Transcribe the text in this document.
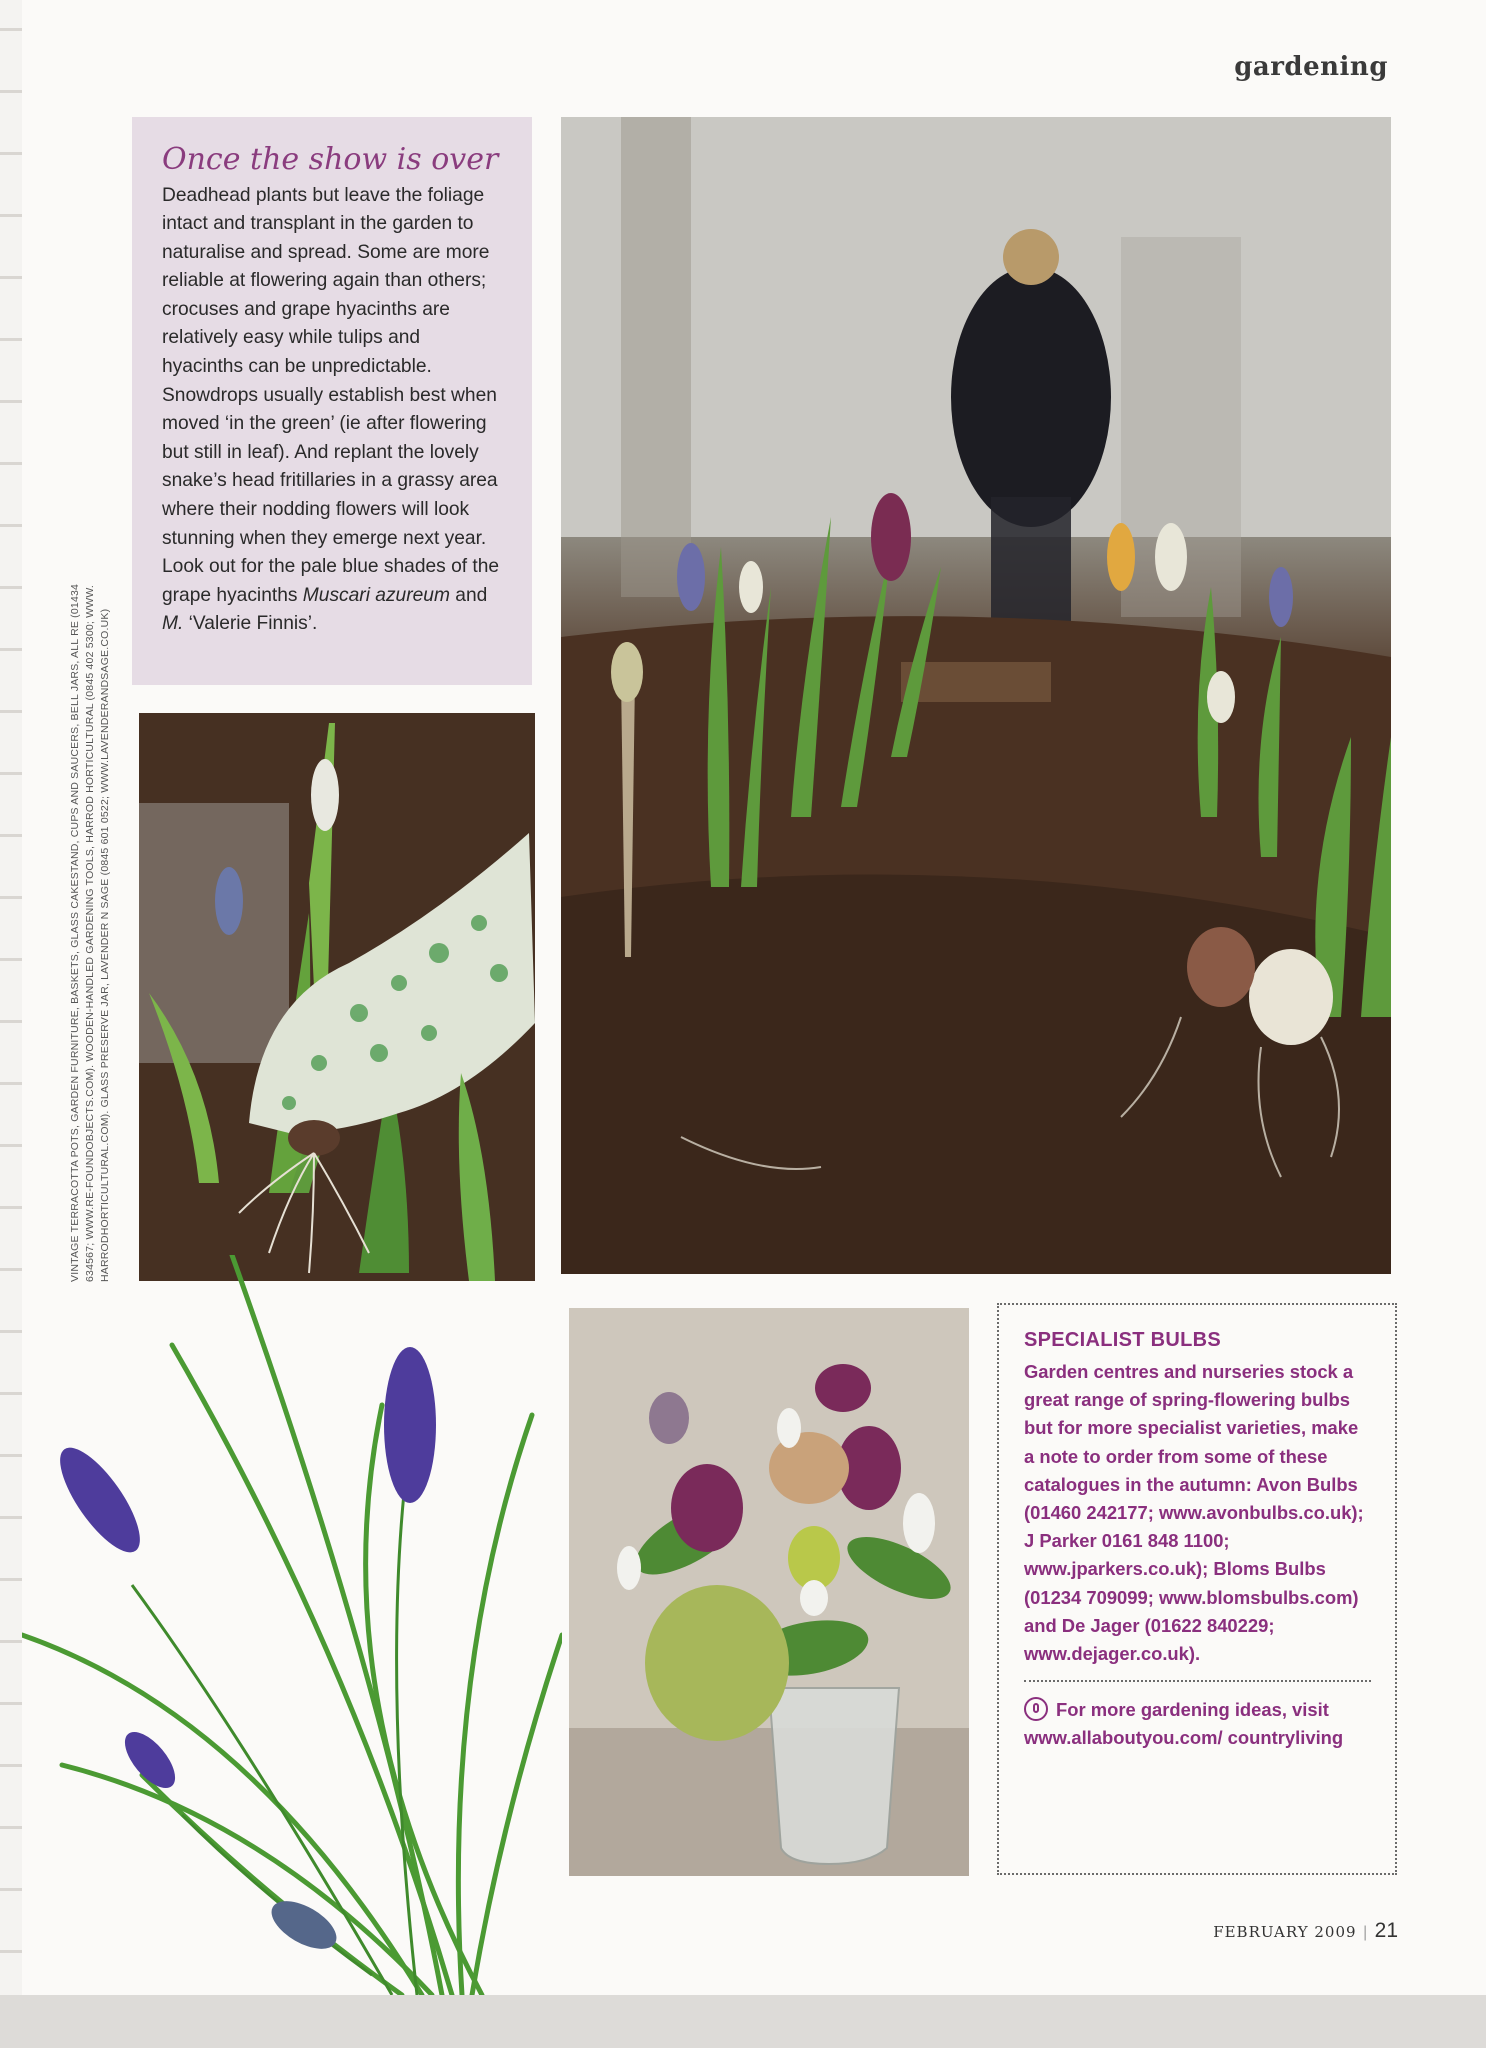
gardening
Once the show is over

Deadhead plants but leave the foliage intact and transplant in the garden to naturalise and spread. Some are more reliable at flowering again than others; crocuses and grape hyacinths are relatively easy while tulips and hyacinths can be unpredictable. Snowdrops usually establish best when moved ‘in the green’ (ie after flowering but still in leaf). And replant the lovely snake’s head fritillaries in a grassy area where their nodding flowers will look stunning when they emerge next year. Look out for the pale blue shades of the grape hyacinths Muscari azureum and M. ‘Valerie Finnis’.

VINTAGE TERRACOTTA POTS, GARDEN FURNITURE, BASKETS, GLASS CAKESTAND, CUPS AND SAUCERS, BELL JARS, ALL RE (01434 634567; WWW.RE-FOUNDOBJECTS.COM). WOODEN-HANDLED GARDENING TOOLS, HARROD HORTICULTURAL (0845 402 5300; WWW. HARRODHORTICULTURAL.COM). GLASS PRESERVE JAR, LAVENDER N SAGE (0845 601 0522; WWW.LAVENDERANDSAGE.CO.UK)
SPECIALIST BULBS

Garden centres and nurseries stock a great range of spring-flowering bulbs but for more specialist varieties, make a note to order from some of these catalogues in the autumn: Avon Bulbs (01460 242177; www.avonbulbs.co.uk); J Parker 0161 848 1100; www.jparkers.co.uk); Bloms Bulbs (01234 709099; www.blomsbulbs.com) and De Jager (01622 840229; www.dejager.co.uk).

For more gardening ideas, visit www.allaboutyou.com/ countryliving
FEBRUARY 2009 | 21
